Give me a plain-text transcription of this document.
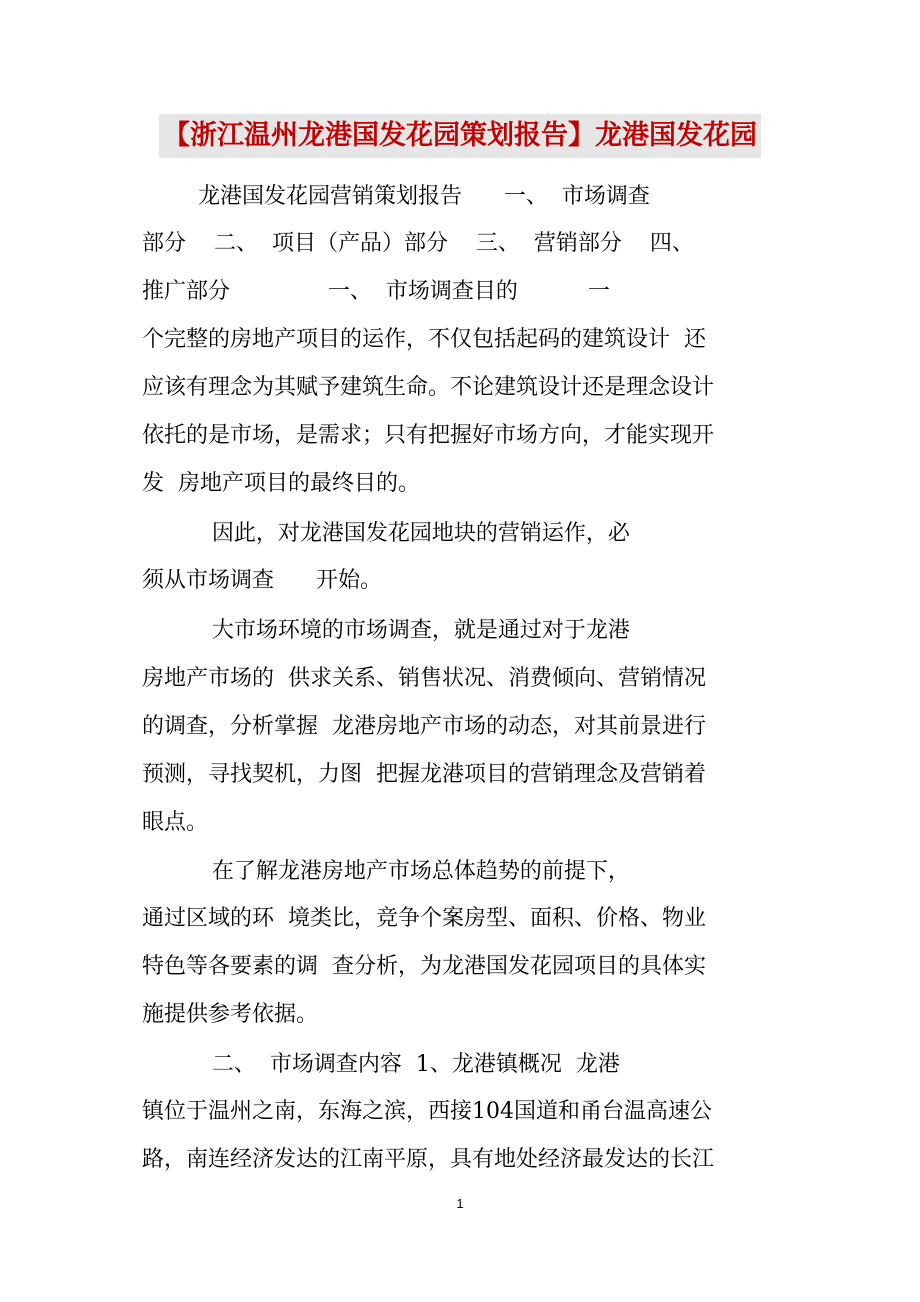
【浙江温州龙港国发花园策划报告】龙港国发花园
龙港国发花园营销策划报告      一、  市场调查
部分    二、  项目（产品）部分    三、  营销部分    四、
推广部分              一、  市场调查目的          一
个完整的房地产项目的运作，不仅包括起码的建筑设计  还
应该有理念为其赋予建筑生命。不论建筑设计还是理念设计
依托的是市场，是需求；只有把握好市场方向，才能实现开
发  房地产项目的最终目的。
因此，对龙港国发花园地块的营销运作，必
须从市场调查      开始。
大市场环境的市场调查，就是通过对于龙港
房地产市场的  供求关系、销售状况、消费倾向、营销情况
的调查，分析掌握  龙港房地产市场的动态，对其前景进行
预测，寻找契机，力图  把握龙港项目的营销理念及营销着
眼点。
在了解龙港房地产市场总体趋势的前提下，
通过区域的环  境类比，竞争个案房型、面积、价格、物业
特色等各要素的调  查分析，为龙港国发花园项目的具体实
施提供参考依据。
二、  市场调查内容  1、龙港镇概况  龙港
镇位于温州之南，东海之滨，西接104国道和甬台温高速公
路，南连经济发达的江南平原，具有地处经济最发达的长江
1
